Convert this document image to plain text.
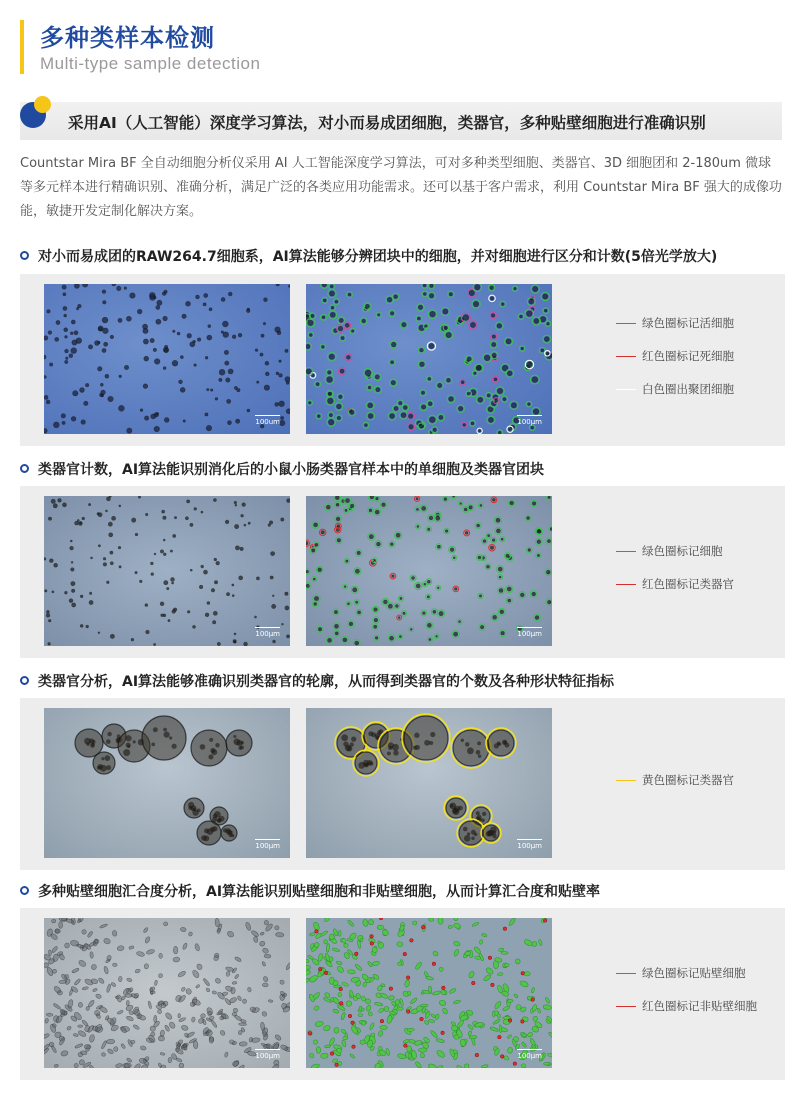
多种类样本检测
Multi-type sample detection
采用AI（人工智能）深度学习算法，对小而易成团细胞，类器官，多种贴壁细胞进行准确识别
Countstar Mira BF 全自动细胞分析仪采用 AI 人工智能深度学习算法，可对多种类型细胞、类器官、3D 细胞团和 2-180um 微球等多元样本进行精确识别、准确分析，满足广泛的各类应用功能需求。还可以基于客户需求，利用 Countstar Mira BF 强大的成像功能，敏捷开发定制化解决方案。
对小而易成团的RAW264.7细胞系，AI算法能够分辨团块中的细胞，并对细胞进行区分和计数(5倍光学放大)
100um	100μm
绿色圈标记活细胞
红色圈标记死细胞
白色圈出聚团细胞
类器官计数，AI算法能识别消化后的小鼠小肠类器官样本中的单细胞及类器官团块
100μm	100μm
绿色圈标记细胞
红色圈标记类器官
类器官分析，AI算法能够准确识别类器官的轮廓，从而得到类器官的个数及各种形状特征指标
100μm	100μm
黄色圈标记类器官
多种贴壁细胞汇合度分析，AI算法能识别贴壁细胞和非贴壁细胞，从而计算汇合度和贴壁率
100μm	100μm
绿色圈标记贴壁细胞
红色圈标记非贴壁细胞
